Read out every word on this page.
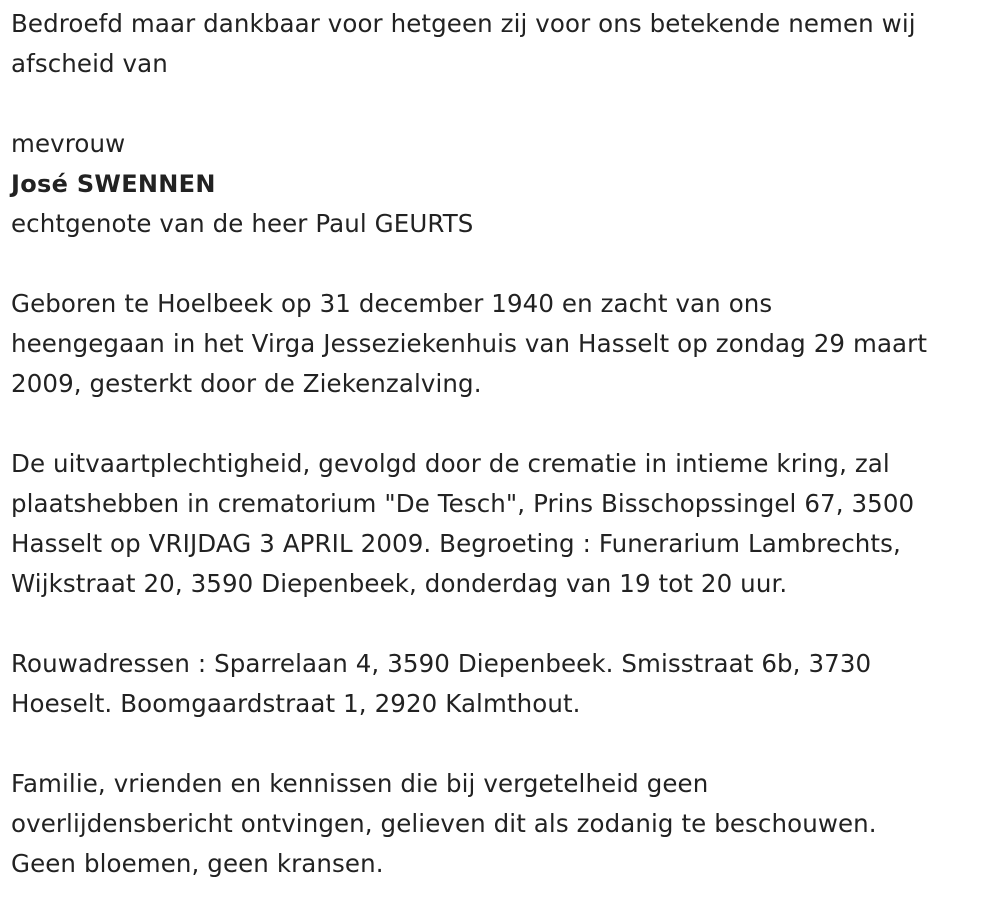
Bedroefd maar dankbaar voor hetgeen zij voor ons betekende nemen wij
afscheid van
mevrouw
José SWENNEN
echtgenote van de heer Paul GEURTS
Geboren te Hoelbeek op 31 december 1940 en zacht van ons
heengegaan in het Virga Jesseziekenhuis van Hasselt op zondag 29 maart
2009, gesterkt door de Ziekenzalving.
De uitvaartplechtigheid, gevolgd door de crematie in intieme kring, zal
plaatshebben in crematorium "De Tesch", Prins Bisschopssingel 67, 3500
Hasselt op VRIJDAG 3 APRIL 2009. Begroeting : Funerarium Lambrechts,
Wijkstraat 20, 3590 Diepenbeek, donderdag van 19 tot 20 uur.
Rouwadressen : Sparrelaan 4, 3590 Diepenbeek. Smisstraat 6b, 3730
Hoeselt. Boomgaardstraat 1, 2920 Kalmthout.
Familie, vrienden en kennissen die bij vergetelheid geen
overlijdensbericht ontvingen, gelieven dit als zodanig te beschouwen.
Geen bloemen, geen kransen.
